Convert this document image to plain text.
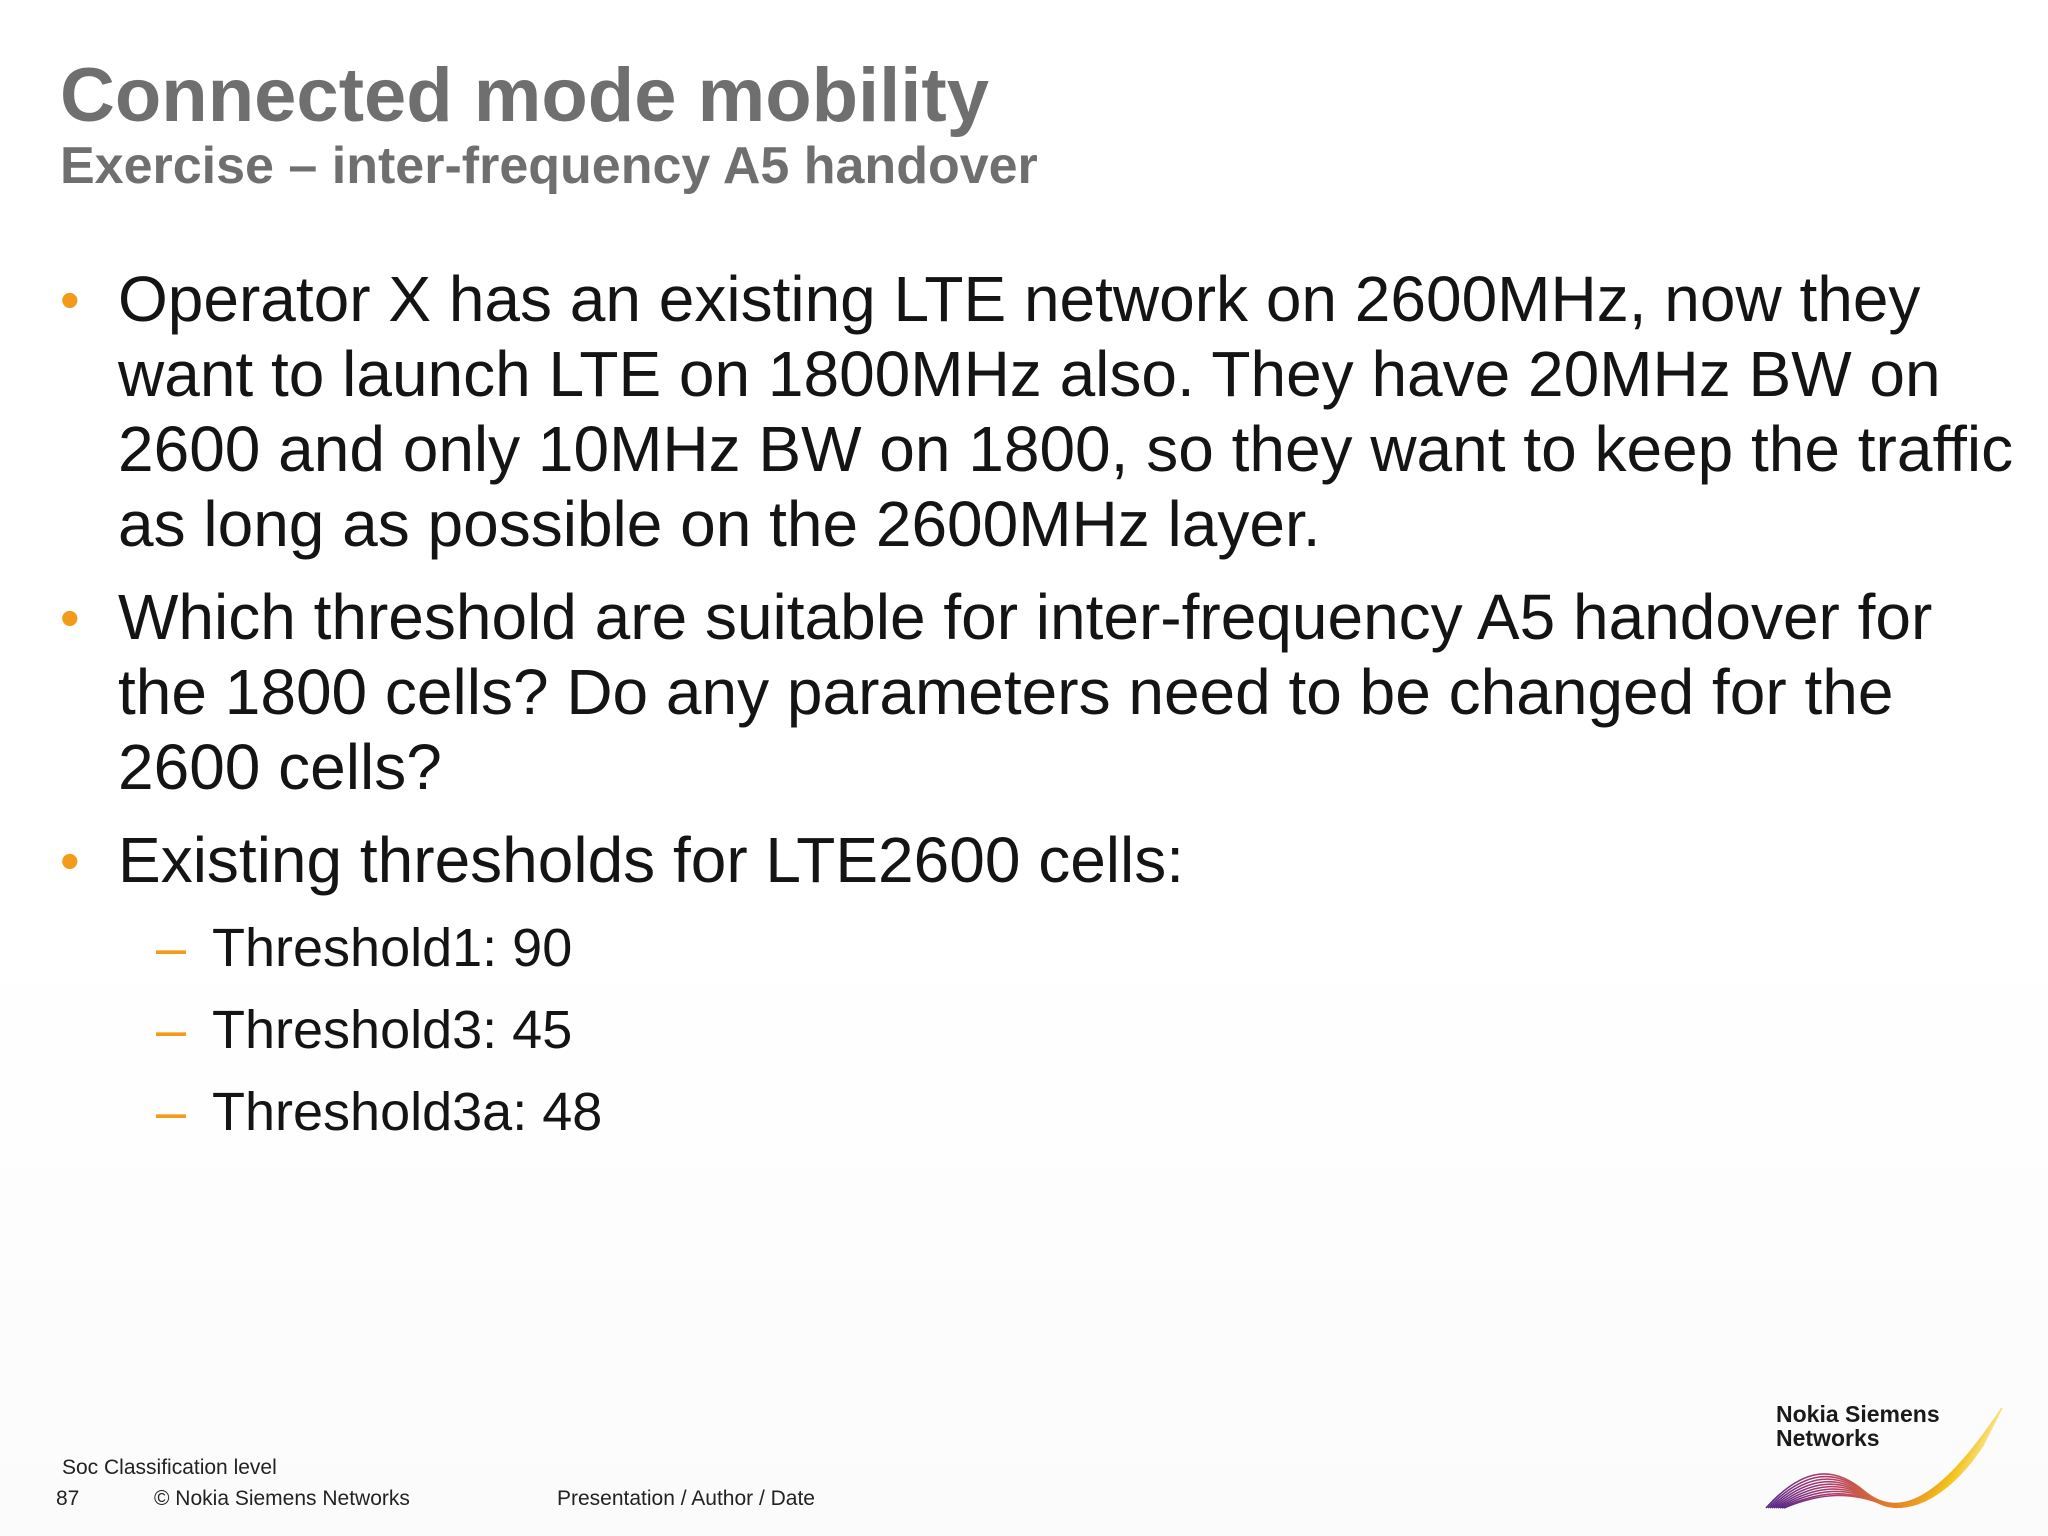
Connected mode mobility
Exercise – inter-frequency A5 handover
• Operator X has an existing LTE network on 2600MHz, now they want to launch LTE on 1800MHz also. They have 20MHz BW on 2600 and only 10MHz BW on 1800, so they want to keep the traffic as long as possible on the 2600MHz layer.
• Which threshold are suitable for inter-frequency A5 handover for the 1800 cells? Do any parameters need to be changed for the 2600 cells?
• Existing thresholds for LTE2600 cells:
– Threshold1: 90
– Threshold3: 45
– Threshold3a: 48
Soc Classification level
87	© Nokia Siemens Networks	Presentation / Author / Date
Nokia Siemens
Networks
